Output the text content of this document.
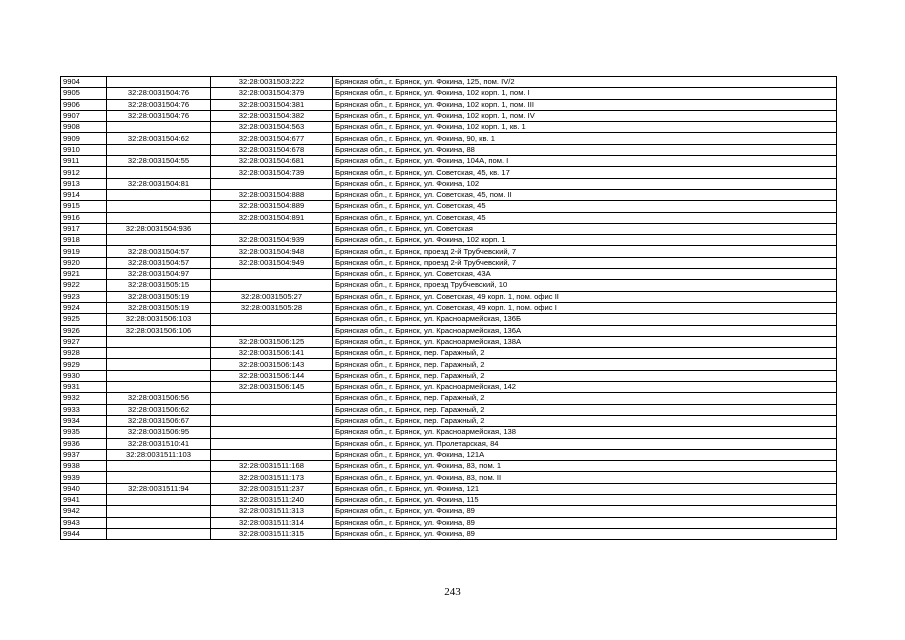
9904		32:28:0031503:222	Брянская обл., г. Брянск, ул. Фокина, 125, пом. IV/2
9905	32:28:0031504:76	32:28:0031504:379	Брянская обл., г. Брянск, ул. Фокина, 102 корп. 1, пом. I
9906	32:28:0031504:76	32:28:0031504:381	Брянская обл., г. Брянск, ул. Фокина, 102 корп. 1, пом. III
9907	32:28:0031504:76	32:28:0031504:382	Брянская обл., г. Брянск, ул. Фокина, 102 корп. 1, пом. IV
9908		32:28:0031504:563	Брянская обл., г. Брянск, ул. Фокина, 102 корп. 1, кв. 1
9909	32:28:0031504:62	32:28:0031504:677	Брянская обл., г. Брянск, ул. Фокина, 90, кв. 1
9910		32:28:0031504:678	Брянская обл., г. Брянск, ул. Фокина, 88
9911	32:28:0031504:55	32:28:0031504:681	Брянская обл., г. Брянск, ул. Фокина, 104А, пом. I
9912		32:28:0031504:739	Брянская обл., г. Брянск, ул. Советская, 45, кв. 17
9913	32:28:0031504:81		Брянская обл., г. Брянск, ул. Фокина, 102
9914		32:28:0031504:888	Брянская обл., г. Брянск, ул. Советская, 45, пом. II
9915		32:28:0031504:889	Брянская обл., г. Брянск, ул. Советская, 45
9916		32:28:0031504:891	Брянская обл., г. Брянск, ул. Советская, 45
9917	32:28:0031504:936		Брянская обл., г. Брянск, ул. Советская
9918		32:28:0031504:939	Брянская обл., г. Брянск, ул. Фокина, 102 корп. 1
9919	32:28:0031504:57	32:28:0031504:948	Брянская обл., г. Брянск, проезд 2-й Трубчевский, 7
9920	32:28:0031504:57	32:28:0031504:949	Брянская обл., г. Брянск, проезд 2-й Трубчевский, 7
9921	32:28:0031504:97		Брянская обл., г. Брянск, ул. Советская, 43А
9922	32:28:0031505:15		Брянская обл., г. Брянск, проезд Трубчевский, 10
9923	32:28:0031505:19	32:28:0031505:27	Брянская обл., г. Брянск, ул. Советская, 49 корп. 1, пом. офис II
9924	32:28:0031505:19	32:28:0031505:28	Брянская обл., г. Брянск, ул. Советская, 49 корп. 1, пом. офис I
9925	32:28:0031506:103		Брянская обл., г. Брянск, ул. Красноармейская, 136Б
9926	32:28:0031506:106		Брянская обл., г. Брянск, ул. Красноармейская, 136А
9927		32:28:0031506:125	Брянская обл., г. Брянск, ул. Красноармейская, 138А
9928		32:28:0031506:141	Брянская обл., г. Брянск, пер. Гаражный, 2
9929		32:28:0031506:143	Брянская обл., г. Брянск, пер. Гаражный, 2
9930		32:28:0031506:144	Брянская обл., г. Брянск, пер. Гаражный, 2
9931		32:28:0031506:145	Брянская обл., г. Брянск, ул. Красноармейская, 142
9932	32:28:0031506:56		Брянская обл., г. Брянск, пер. Гаражный, 2
9933	32:28:0031506:62		Брянская обл., г. Брянск, пер. Гаражный, 2
9934	32:28:0031506:67		Брянская обл., г. Брянск, пер. Гаражный, 2
9935	32:28:0031506:95		Брянская обл., г. Брянск, ул. Красноармейская, 138
9936	32:28:0031510:41		Брянская обл., г. Брянск, ул. Пролетарская, 84
9937	32:28:0031511:103		Брянская обл., г. Брянск, ул. Фокина, 121А
9938		32:28:0031511:168	Брянская обл., г. Брянск, ул. Фокина, 83, пом. 1
9939		32:28:0031511:173	Брянская обл., г. Брянск, ул. Фокина, 83, пом. II
9940	32:28:0031511:94	32:28:0031511:237	Брянская обл., г. Брянск, ул. Фокина, 121
9941		32:28:0031511:240	Брянская обл., г. Брянск, ул. Фокина, 115
9942		32:28:0031511:313	Брянская обл., г. Брянск, ул. Фокина, 89
9943		32:28:0031511:314	Брянская обл., г. Брянск, ул. Фокина, 89
9944		32:28:0031511:315	Брянская обл., г. Брянск, ул. Фокина, 89
243
